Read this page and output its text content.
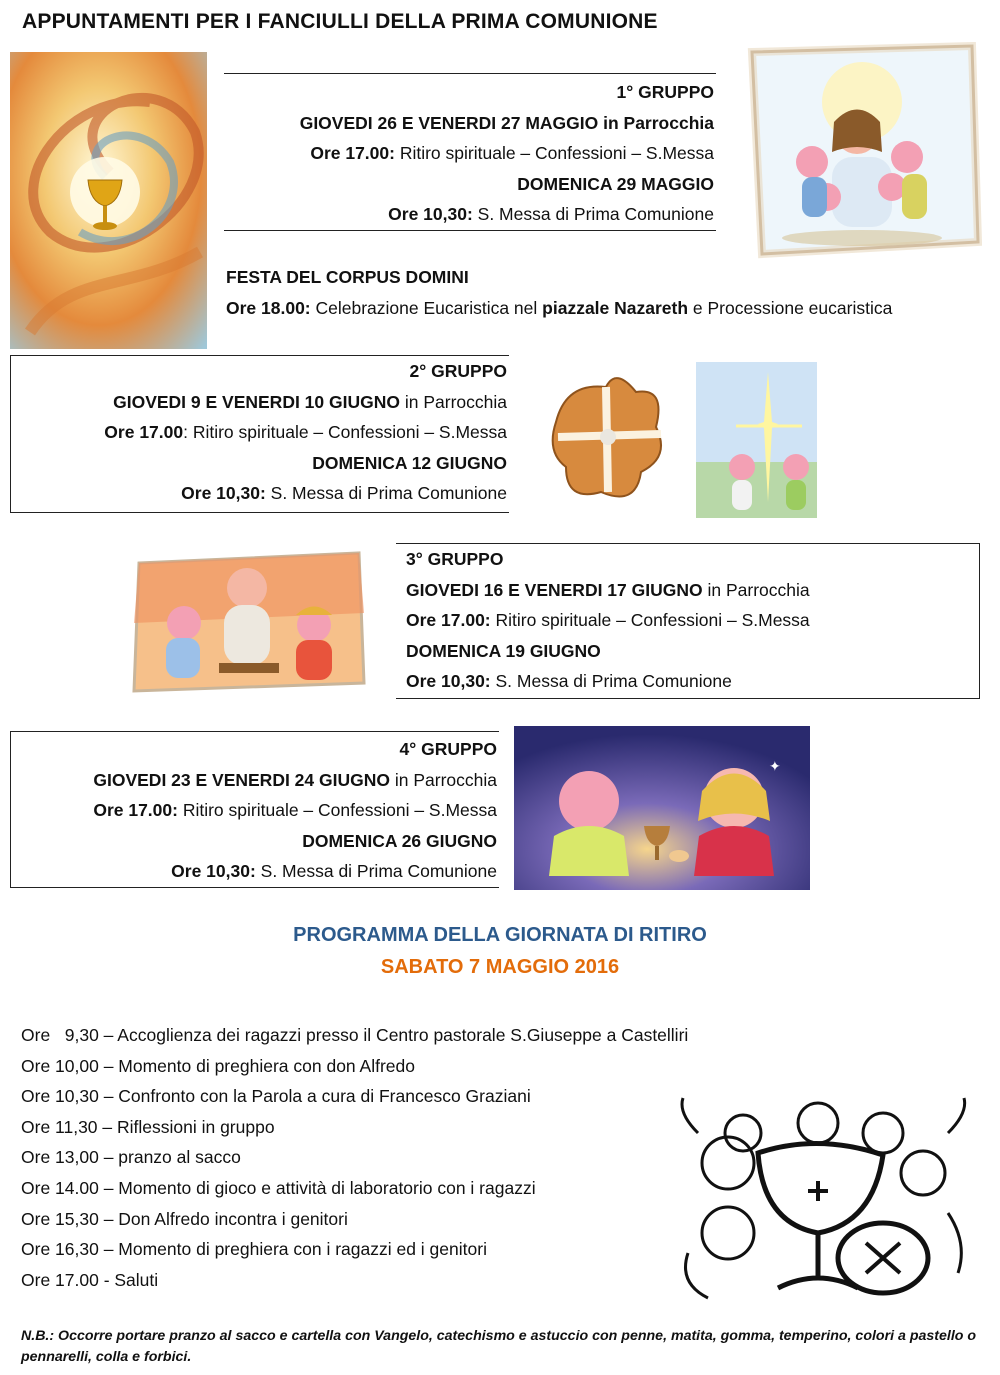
APPUNTAMENTI PER I FANCIULLI DELLA PRIMA COMUNIONE
1° GRUPPO
GIOVEDI 26 E VENERDI 27 MAGGIO in Parrocchia
Ore 17.00: Ritiro spirituale – Confessioni – S.Messa
DOMENICA 29 MAGGIO
Ore 10,30: S. Messa di Prima Comunione
FESTA DEL CORPUS DOMINI
Ore 18.00: Celebrazione Eucaristica nel piazzale Nazareth e Processione eucaristica
2° GRUPPO
GIOVEDI 9 E VENERDI 10 GIUGNO in Parrocchia
Ore 17.00: Ritiro spirituale – Confessioni – S.Messa
DOMENICA 12 GIUGNO
Ore 10,30: S. Messa di Prima Comunione
3° GRUPPO
GIOVEDI 16 E VENERDI 17 GIUGNO in Parrocchia
Ore 17.00: Ritiro spirituale – Confessioni – S.Messa
DOMENICA 19 GIUGNO
Ore 10,30: S. Messa di Prima Comunione
4° GRUPPO
GIOVEDI 23 E VENERDI 24 GIUGNO in Parrocchia
Ore 17.00: Ritiro spirituale – Confessioni – S.Messa
DOMENICA 26 GIUGNO
Ore 10,30: S. Messa di Prima Comunione
✦
PROGRAMMA DELLA GIORNATA DI RITIRO
SABATO 7 MAGGIO 2016
Ore   9,30 – Accoglienza dei ragazzi presso il Centro pastorale S.Giuseppe a Castelliri
Ore 10,00 – Momento di preghiera con don Alfredo
Ore 10,30 – Confronto con la Parola a cura di Francesco Graziani
Ore 11,30 – Riflessioni in gruppo
Ore 13,00 – pranzo al sacco
Ore 14.00 – Momento di gioco e attività di laboratorio con i ragazzi
Ore 15,30 – Don Alfredo incontra i genitori
Ore 16,30 – Momento di preghiera con i ragazzi ed i genitori
Ore 17.00 - Saluti
N.B.: Occorre portare pranzo al sacco e cartella con Vangelo, catechismo e astuccio con penne, matita, gomma, temperino, colori a pastello o pennarelli, colla e forbici.
